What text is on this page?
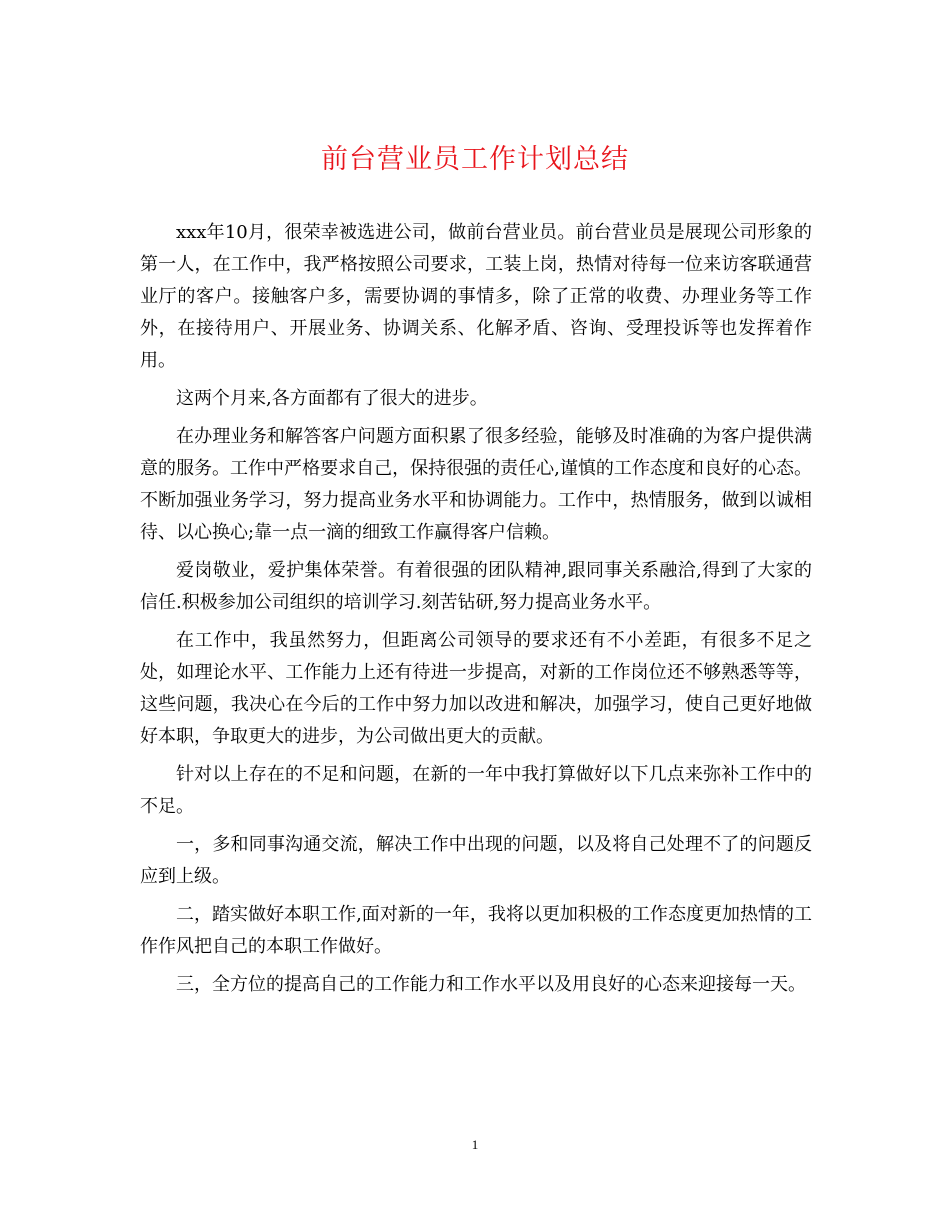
前台营业员工作计划总结

xxx年10月，很荣幸被选进公司，做前台营业员。前台营业员是展现公司形象的第一人，在工作中，我严格按照公司要求，工装上岗，热情对待每一位来访客联通营业厅的客户。接触客户多，需要协调的事情多，除了正常的收费、办理业务等工作外，在接待用户、开展业务、协调关系、化解矛盾、咨询、受理投诉等也发挥着作用。

这两个月来,各方面都有了很大的进步。

在办理业务和解答客户问题方面积累了很多经验，能够及时准确的为客户提供满意的服务。工作中严格要求自己，保持很强的责任心,谨慎的工作态度和良好的心态。不断加强业务学习，努力提高业务水平和协调能力。工作中，热情服务，做到以诚相待、以心换心;靠一点一滴的细致工作赢得客户信赖。

爱岗敬业，爱护集体荣誉。有着很强的团队精神,跟同事关系融洽,得到了大家的信任.积极参加公司组织的培训学习.刻苦钻研,努力提高业务水平。

在工作中，我虽然努力，但距离公司领导的要求还有不小差距，有很多不足之处，如理论水平、工作能力上还有待进一步提高，对新的工作岗位还不够熟悉等等，这些问题，我决心在今后的工作中努力加以改进和解决，加强学习，使自己更好地做好本职，争取更大的进步，为公司做出更大的贡献。

针对以上存在的不足和问题，在新的一年中我打算做好以下几点来弥补工作中的不足。

一，多和同事沟通交流，解决工作中出现的问题，以及将自己处理不了的问题反应到上级。

二，踏实做好本职工作,面对新的一年，我将以更加积极的工作态度更加热情的工作作风把自己的本职工作做好。

三，全方位的提高自己的工作能力和工作水平以及用良好的心态来迎接每一天。

1
